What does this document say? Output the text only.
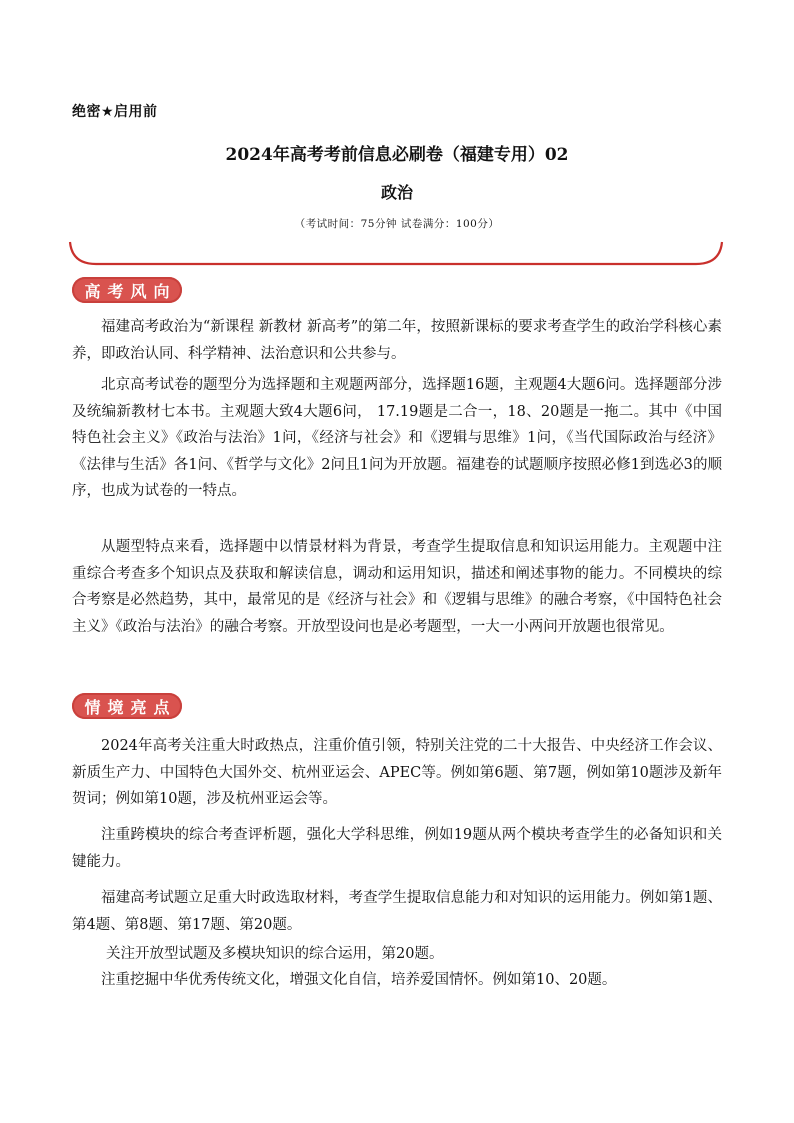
绝密★启用前
2024年高考考前信息必刷卷（福建专用）02
政治
（考试时间：75分钟 试卷满分：100分）
高考风向

福建高考政治为“新课程 新教材 新高考”的第二年，按照新课标的要求考查学生的政治学科核心素养，即政治认同、科学精神、法治意识和公共参与。

北京高考试卷的题型分为选择题和主观题两部分，选择题16题，主观题4大题6问。选择题部分涉及统编新教材七本书。主观题大致4大题6问， 17.19题是二合一，18、20题是一拖二。其中《中国特色社会主义》《政治与法治》1问，《经济与社会》和《逻辑与思维》1问，《当代国际政治与经济》《法律与生活》各1问、《哲学与文化》2问且1问为开放题。福建卷的试题顺序按照必修1到选必3的顺序，也成为试卷的一特点。

从题型特点来看，选择题中以情景材料为背景，考查学生提取信息和知识运用能力。主观题中注重综合考查多个知识点及获取和解读信息，调动和运用知识，描述和阐述事物的能力。不同模块的综合考察是必然趋势，其中，最常见的是《经济与社会》和《逻辑与思维》的融合考察，《中国特色社会主义》《政治与法治》的融合考察。开放型设问也是必考题型，一大一小两问开放题也很常见。

情境亮点

2024年高考关注重大时政热点，注重价值引领，特别关注党的二十大报告、中央经济工作会议、新质生产力、中国特色大国外交、杭州亚运会、APEC等。例如第6题、第7题，例如第10题涉及新年贺词；例如第10题，涉及杭州亚运会等。

注重跨模块的综合考查评析题，强化大学科思维，例如19题从两个模块考查学生的必备知识和关键能力。

福建高考试题立足重大时政选取材料，考查学生提取信息能力和对知识的运用能力。例如第1题、第4题、第8题、第17题、第20题。

关注开放型试题及多模块知识的综合运用，第20题。

注重挖掘中华优秀传统文化，增强文化自信，培养爱国情怀。例如第10、20题。
